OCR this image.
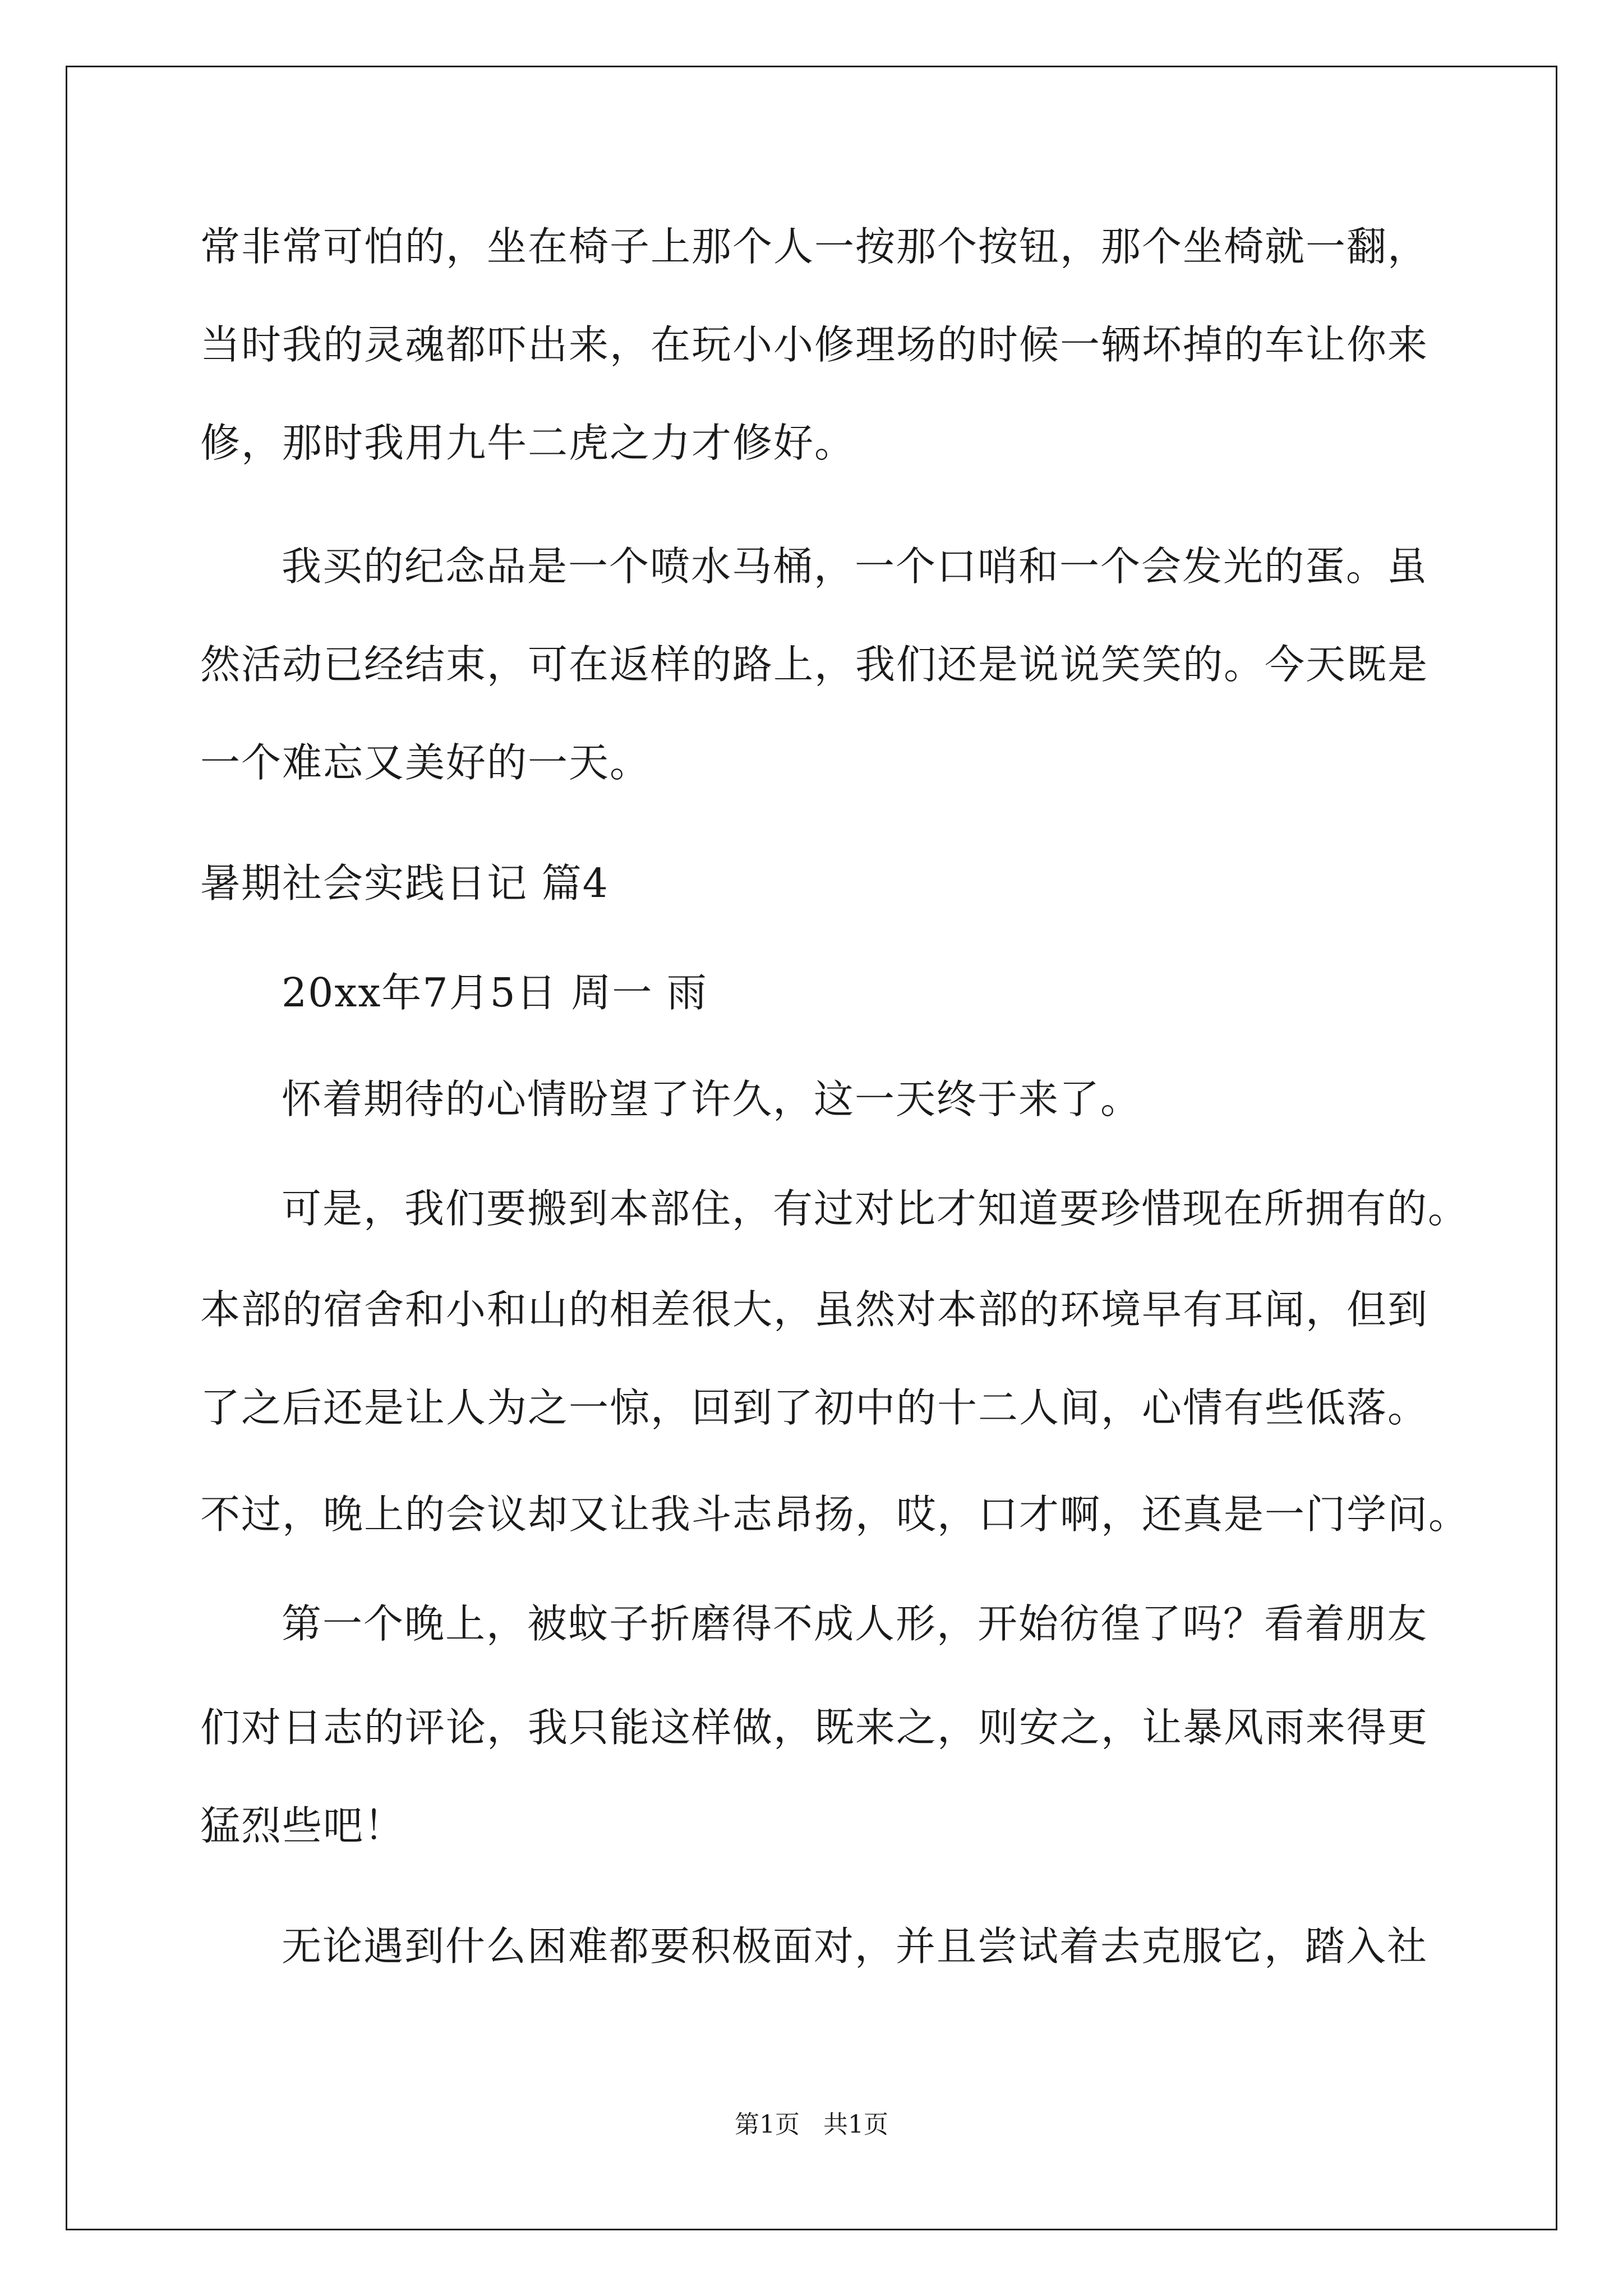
常非常可怕的，坐在椅子上那个人一按那个按钮，那个坐椅就一翻，
当时我的灵魂都吓出来，在玩小小修理场的时候一辆坏掉的车让你来
修，那时我用九牛二虎之力才修好。
我买的纪念品是一个喷水马桶，一个口哨和一个会发光的蛋。虽
然活动已经结束，可在返样的路上，我们还是说说笑笑的。今天既是
一个难忘又美好的一天。
暑期社会实践日记 篇4
20xx年7月5日 周一 雨
怀着期待的心情盼望了许久，这一天终于来了。
可是，我们要搬到本部住，有过对比才知道要珍惜现在所拥有的。
本部的宿舍和小和山的相差很大，虽然对本部的环境早有耳闻，但到
了之后还是让人为之一惊，回到了初中的十二人间，心情有些低落。
不过，晚上的会议却又让我斗志昂扬，哎，口才啊，还真是一门学问。
第一个晚上，被蚊子折磨得不成人形，开始彷徨了吗？看着朋友
们对日志的评论，我只能这样做，既来之，则安之，让暴风雨来得更
猛烈些吧！
无论遇到什么困难都要积极面对，并且尝试着去克服它，踏入社
第1页 共1页
